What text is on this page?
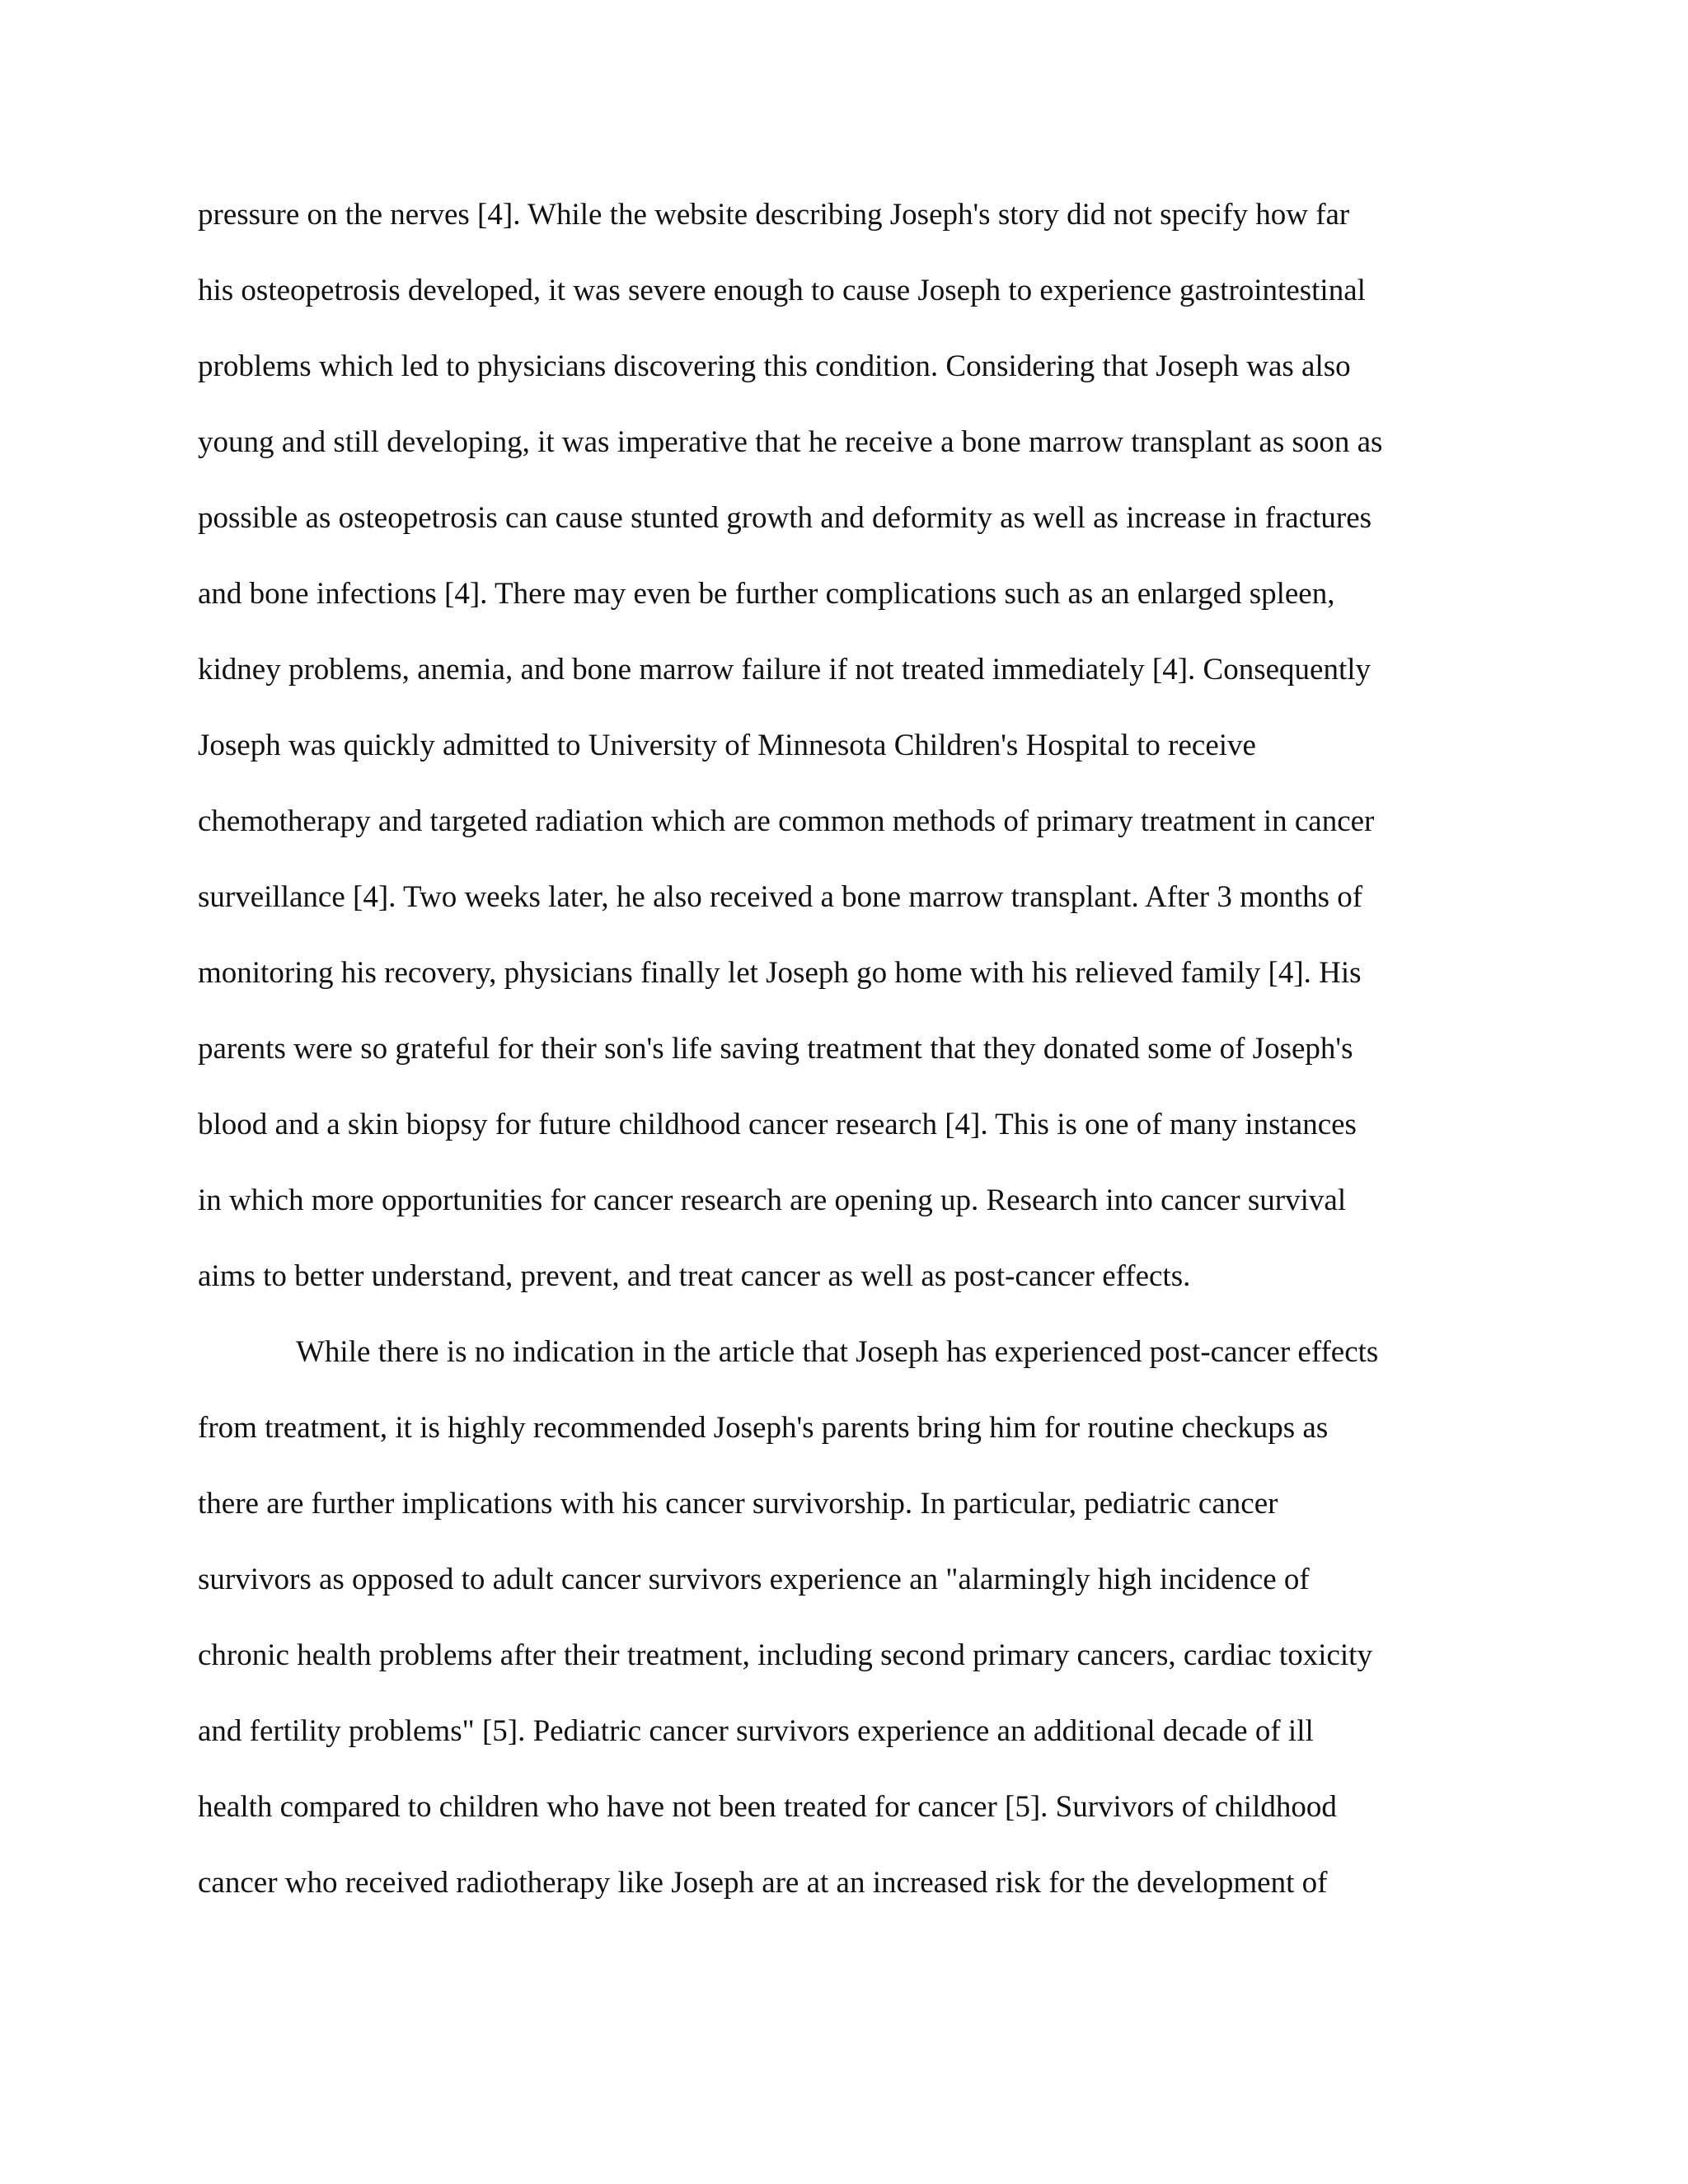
pressure on the nerves [4]. While the website describing Joseph's story did not specify how far
his osteopetrosis developed, it was severe enough to cause Joseph to experience gastrointestinal
problems which led to physicians discovering this condition. Considering that Joseph was also
young and still developing, it was imperative that he receive a bone marrow transplant as soon as
possible as osteopetrosis can cause stunted growth and deformity as well as increase in fractures
and bone infections [4]. There may even be further complications such as an enlarged spleen,
kidney problems, anemia, and bone marrow failure if not treated immediately [4]. Consequently
Joseph was quickly admitted to University of Minnesota Children's Hospital to receive
chemotherapy and targeted radiation which are common methods of primary treatment in cancer
surveillance [4]. Two weeks later, he also received a bone marrow transplant. After 3 months of
monitoring his recovery, physicians finally let Joseph go home with his relieved family [4]. His
parents were so grateful for their son's life saving treatment that they donated some of Joseph's
blood and a skin biopsy for future childhood cancer research [4]. This is one of many instances
in which more opportunities for cancer research are opening up. Research into cancer survival
aims to better understand, prevent, and treat cancer as well as post-cancer effects.
While there is no indication in the article that Joseph has experienced post-cancer effects
from treatment, it is highly recommended Joseph's parents bring him for routine checkups as
there are further implications with his cancer survivorship. In particular, pediatric cancer
survivors as opposed to adult cancer survivors experience an "alarmingly high incidence of
chronic health problems after their treatment, including second primary cancers, cardiac toxicity
and fertility problems" [5]. Pediatric cancer survivors experience an additional decade of ill
health compared to children who have not been treated for cancer [5]. Survivors of childhood
cancer who received radiotherapy like Joseph are at an increased risk for the development of
